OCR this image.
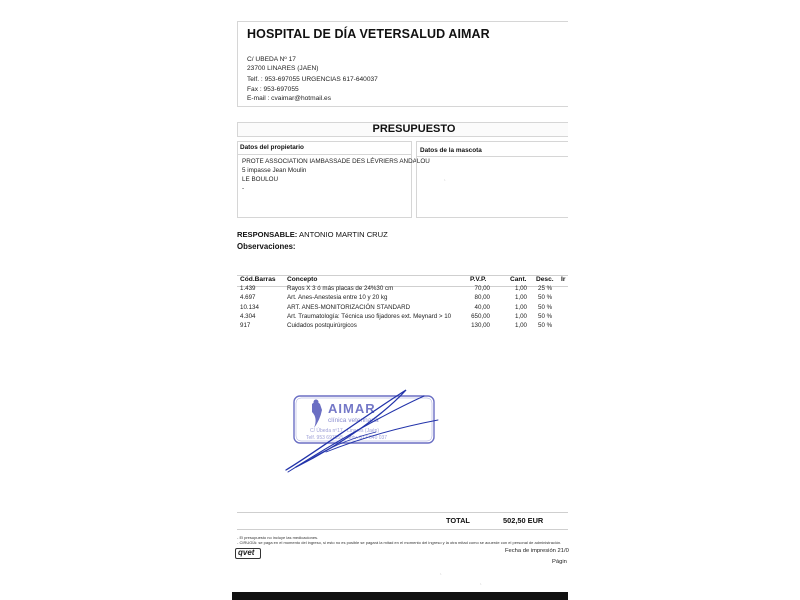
HOSPITAL DE DÍA VETERSALUD AIMAR
C/ UBEDA Nº 17
23700 LINARES (JAEN)
Telf. : 953-697055 URGENCIAS 617-640037
Fax : 953-697055
E-mail : cvaimar@hotmail.es
PRESUPUESTO
Datos del propietario
PROTE ASSOCIATION IAMBASSADE DES LÉVRIERS ANDALOU
5 impasse Jean Moulin
LE BOULOU
-
Datos de la mascota
`
RESPONSABLE: ANTONIO MARTIN CRUZ
Observaciones:
Cód.Barras Concepto	P.V.P.	Cant. Desc. Ir
1.439	Rayos X 3 ó más placas de 24%30 cm	70,00	1,00 25 %
4.697	Art. Anes-Anestesia entre 10 y 20 kg	80,00	1,00 50 %
10.134	ART. ANES-MONITORIZACIÓN STANDARD	40,00	1,00 50 %
4.304	Art. Traumatología: Técnica uso fijadores ext. Meynard > 10	650,00	1,00 50 %
917	Cuidados postquirúrgicos	130,00	1,00 50 %
AIMAR
clínica veterinaria
C/ Úbeda nº17 · Linares (Jaén)
Telf. 953 697055 · Móv. 617 640 037
TOTAL	502,50 EUR
- El presupuesto no incluye las medicaciones.
- CIRUGÍA: se paga en el momento del ingreso, si esto no es posible se pagará la mitad en el momento del ingreso y la otra mitad como se acuerde con el personal de administración.
qvet	Fecha de impresión 21/0
Págin
`
`
